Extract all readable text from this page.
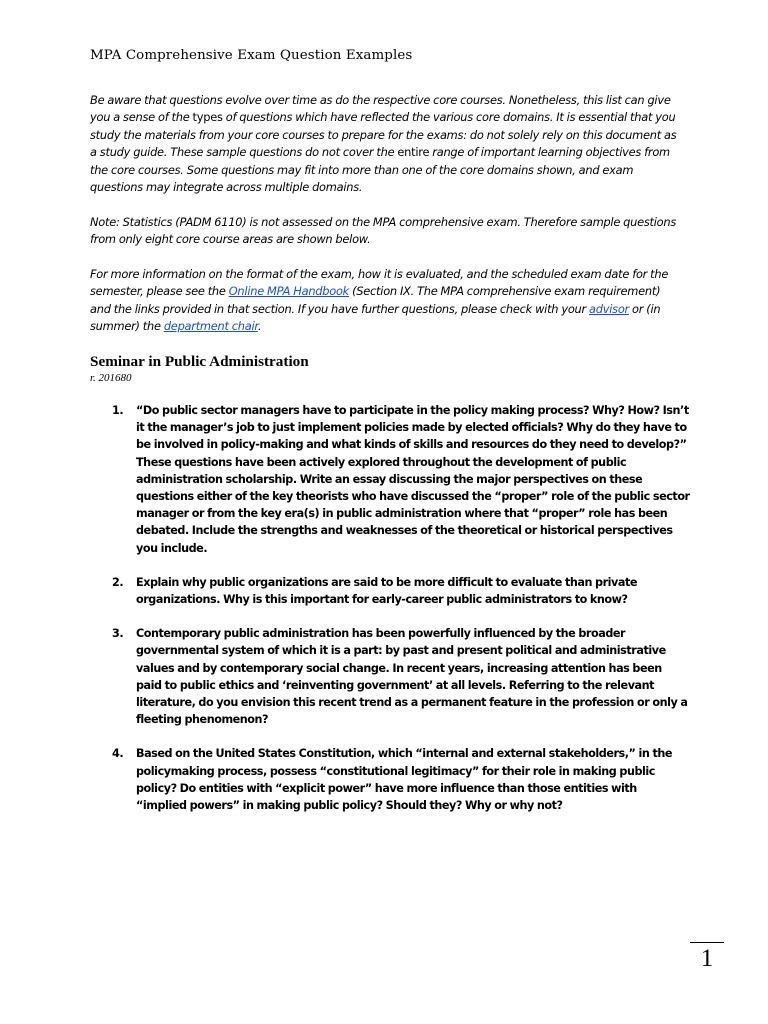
MPA Comprehensive Exam Question Examples

Be aware that questions evolve over time as do the respective core courses. Nonetheless, this list can give you a sense of the types of questions which have reflected the various core domains. It is essential that you study the materials from your core courses to prepare for the exams: do not solely rely on this document as a study guide. These sample questions do not cover the entire range of important learning objectives from the core courses. Some questions may fit into more than one of the core domains shown, and exam questions may integrate across multiple domains.

Note: Statistics (PADM 6110) is not assessed on the MPA comprehensive exam. Therefore sample questions from only eight core course areas are shown below.

For more information on the format of the exam, how it is evaluated, and the scheduled exam date for the semester, please see the Online MPA Handbook (Section IX. The MPA comprehensive exam requirement) and the links provided in that section. If you have further questions, please check with your advisor or (in summer) the department chair.

Seminar in Public Administration
r. 201680
1. “Do public sector managers have to participate in the policy making process? Why? How? Isn’t it the manager’s job to just implement policies made by elected officials? Why do they have to be involved in policy-making and what kinds of skills and resources do they need to develop?” These questions have been actively explored throughout the development of public administration scholarship. Write an essay discussing the major perspectives on these questions either of the key theorists who have discussed the “proper” role of the public sector manager or from the key era(s) in public administration where that “proper” role has been debated. Include the strengths and weaknesses of the theoretical or historical perspectives you include.
2. Explain why public organizations are said to be more difficult to evaluate than private organizations. Why is this important for early-career public administrators to know?
3. Contemporary public administration has been powerfully influenced by the broader governmental system of which it is a part: by past and present political and administrative values and by contemporary social change. In recent years, increasing attention has been paid to public ethics and ‘reinventing government’ at all levels. Referring to the relevant literature, do you envision this recent trend as a permanent feature in the profession or only a fleeting phenomenon?
4. Based on the United States Constitution, which “internal and external stakeholders,” in the policymaking process, possess “constitutional legitimacy” for their role in making public policy? Do entities with “explicit power” have more influence than those entities with “implied powers” in making public policy? Should they? Why or why not?
1
